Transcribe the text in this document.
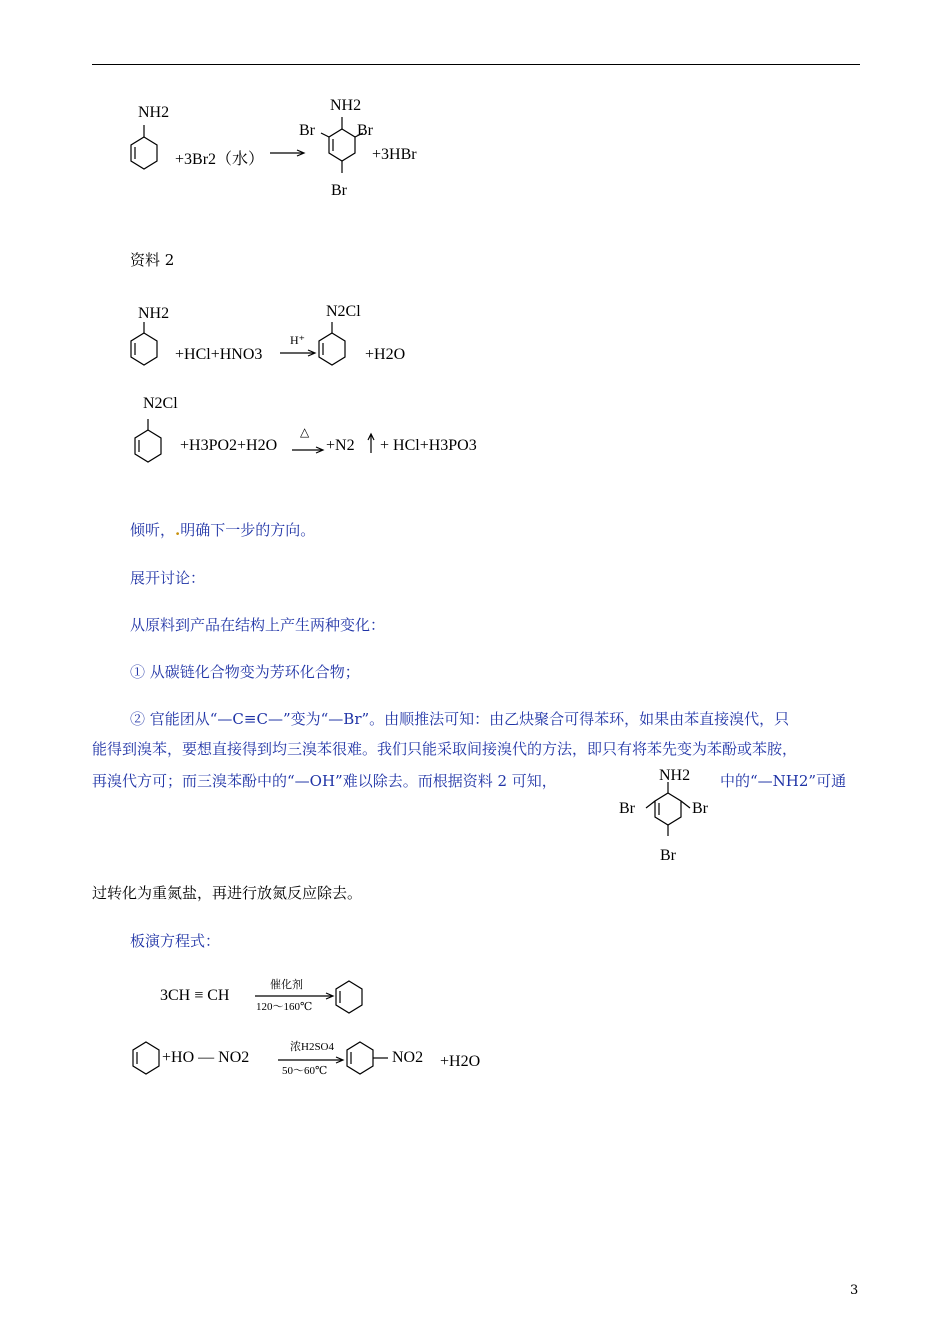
NH2
+3Br2（水）
NH2
Br	Br
Br
+3HBr
资料 2
NH2
+HCl+HNO3
H⁺
N2Cl
+H2O
N2Cl
+H3PO2+H2O
△
+N2 + HCl+H3PO3
倾听，.明确下一步的方向。
展开讨论：
从原料到产品在结构上产生两种变化：
① 从碳链化合物变为芳环化合物；
② 官能团从“—C≡C—”变为“—Br”。由顺推法可知：由乙炔聚合可得苯环，如果由苯直接溴代，只
能得到溴苯，要想直接得到均三溴苯很难。我们只能采取间接溴代的方法，即只有将苯先变为苯酚或苯胺，
再溴代方可；而三溴苯酚中的“—OH”难以除去。而根据资料 2 可知，	NH2
Br	Br
Br
中的“—NH2”可通
过转化为重氮盐，再进行放氮反应除去。
板演方程式：
3CH ≡ CH
催化剂
120～160℃
+HO — NO2
浓H2SO4
50～60℃
NO2 +H2O
3
